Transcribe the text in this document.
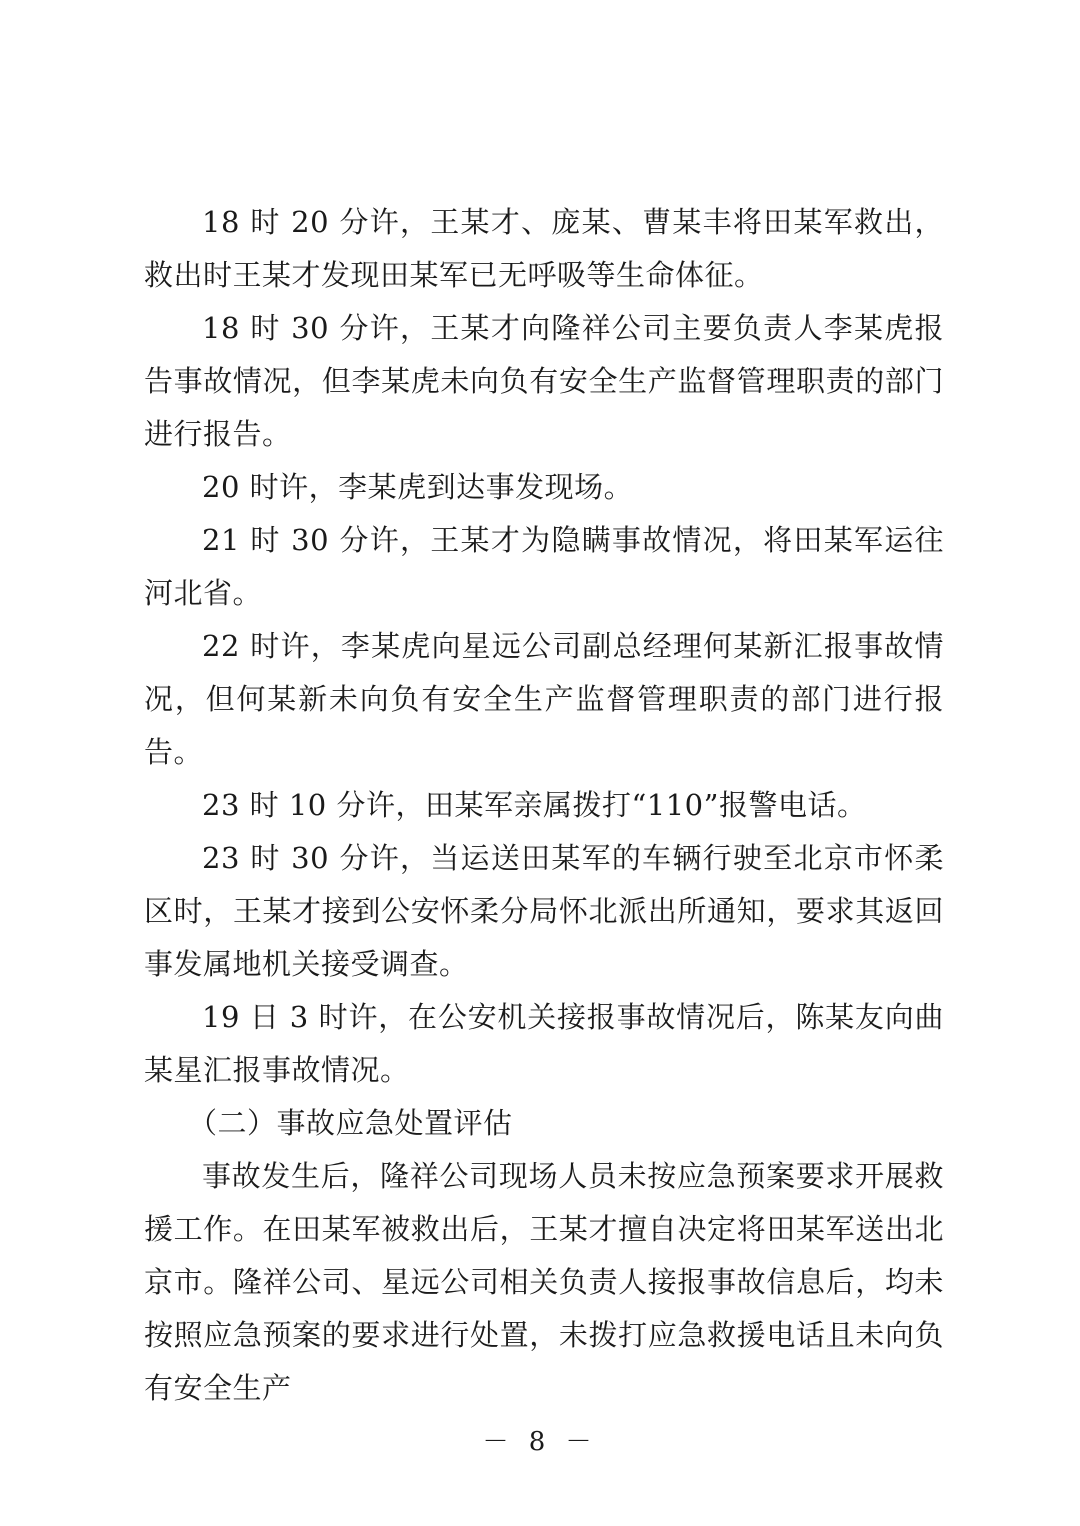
18 时 20 分许，王某才、庞某、曹某丰将田某军救出，救出时王某才发现田某军已无呼吸等生命体征。

18 时 30 分许，王某才向隆祥公司主要负责人李某虎报告事故情况，但李某虎未向负有安全生产监督管理职责的部门进行报告。

20 时许，李某虎到达事发现场。

21 时 30 分许，王某才为隐瞒事故情况，将田某军运往河北省。

22 时许，李某虎向星远公司副总经理何某新汇报事故情况，但何某新未向负有安全生产监督管理职责的部门进行报告。

23 时 10 分许，田某军亲属拨打“110”报警电话。

23 时 30 分许，当运送田某军的车辆行驶至北京市怀柔区时，王某才接到公安怀柔分局怀北派出所通知，要求其返回事发属地机关接受调查。

19 日 3 时许，在公安机关接报事故情况后，陈某友向曲某星汇报事故情况。

（二）事故应急处置评估

事故发生后，隆祥公司现场人员未按应急预案要求开展救援工作。在田某军被救出后，王某才擅自决定将田某军送出北京市。隆祥公司、星远公司相关负责人接报事故信息后，均未按照应急预案的要求进行处置，未拨打应急救援电话且未向负有安全生产

－ 8 －
